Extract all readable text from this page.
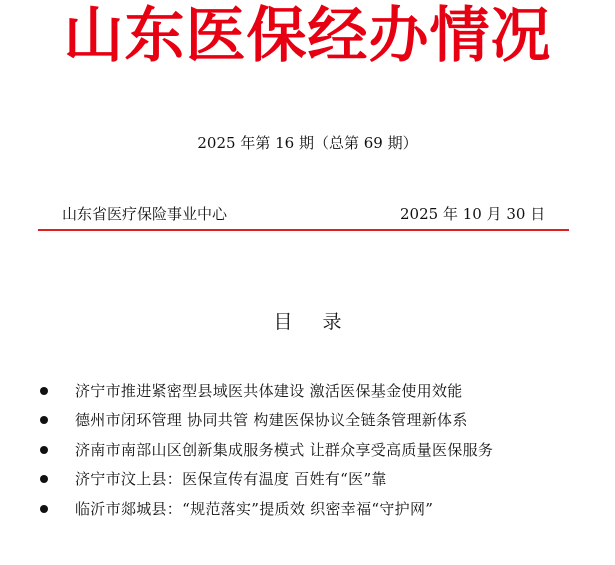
山东医保经办情况
2025 年第 16 期（总第 69 期）
山东省医疗保险事业中心	2025 年 10 月 30 日
目 录
济宁市推进紧密型县域医共体建设 激活医保基金使用效能
德州市闭环管理 协同共管 构建医保协议全链条管理新体系
济南市南部山区创新集成服务模式 让群众享受高质量医保服务
济宁市汶上县：医保宣传有温度 百姓有“医”靠
临沂市郯城县：“规范落实”提质效 织密幸福“守护网”
